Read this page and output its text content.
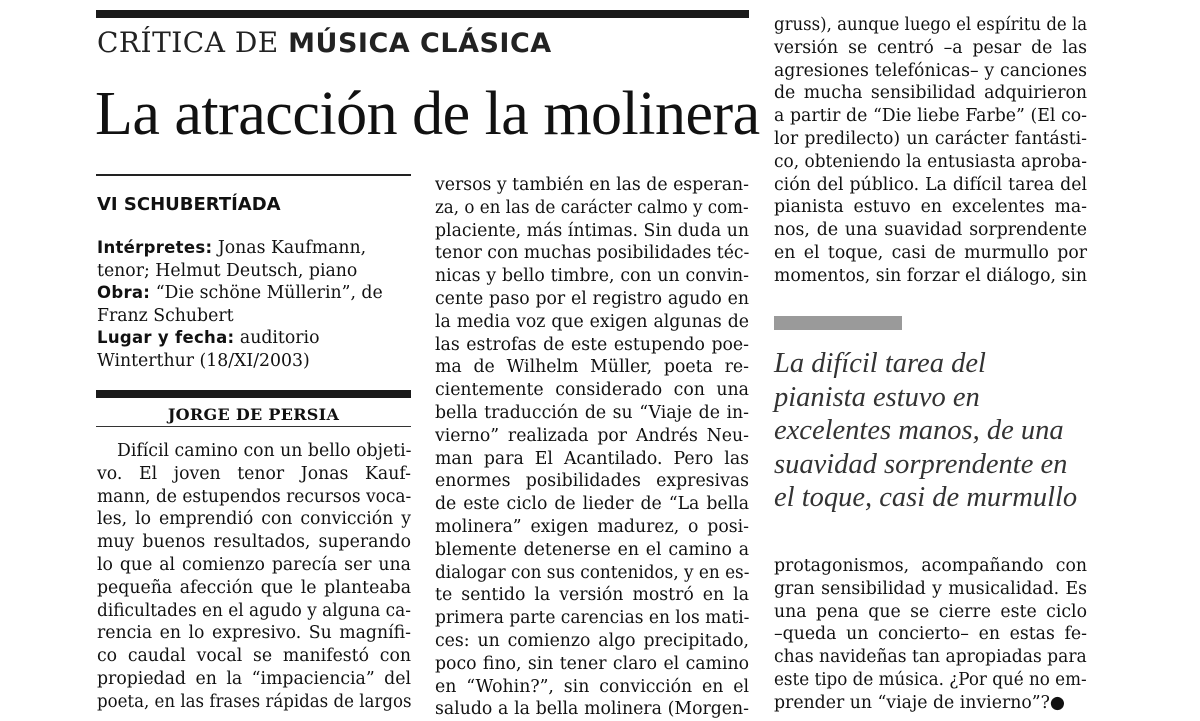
CRÍTICA DE MÚSICA CLÁSICA
La atracción de la molinera
VI SCHUBERTÍADA
Intérpretes: Jonas Kaufmann,
tenor; Helmut Deutsch, piano
Obra: “Die schöne Müllerin”, de
Franz Schubert
Lugar y fecha: auditorio
Winterthur (18/XI/2003)
JORGE DE PERSIA
Difícil camino con un bello objeti-
vo. El joven tenor Jonas Kauf-
mann, de estupendos recursos voca-
les, lo emprendió con convicción y
muy buenos resultados, superando
lo que al comienzo parecía ser una
pequeña afección que le planteaba
dificultades en el agudo y alguna ca-
rencia en lo expresivo. Su magnífi-
co caudal vocal se manifestó con
propiedad en la “impaciencia” del
poeta, en las frases rápidas de largos
versos y también en las de esperan-
za, o en las de carácter calmo y com-
placiente, más íntimas. Sin duda un
tenor con muchas posibilidades téc-
nicas y bello timbre, con un convin-
cente paso por el registro agudo en
la media voz que exigen algunas de
las estrofas de este estupendo poe-
ma de Wilhelm Müller, poeta re-
cientemente considerado con una
bella traducción de su “Viaje de in-
vierno” realizada por Andrés Neu-
man para El Acantilado. Pero las
enormes posibilidades expresivas
de este ciclo de lieder de “La bella
molinera” exigen madurez, o posi-
blemente detenerse en el camino a
dialogar con sus contenidos, y en es-
te sentido la versión mostró en la
primera parte carencias en los mati-
ces: un comienzo algo precipitado,
poco fino, sin tener claro el camino
en “Wohin?”, sin convicción en el
saludo a la bella molinera (Morgen-
gruss), aunque luego el espíritu de la
versión se centró –a pesar de las
agresiones telefónicas– y canciones
de mucha sensibilidad adquirieron
a partir de “Die liebe Farbe” (El co-
lor predilecto) un carácter fantásti-
co, obteniendo la entusiasta aproba-
ción del público. La difícil tarea del
pianista estuvo en excelentes ma-
nos, de una suavidad sorprendente
en el toque, casi de murmullo por
momentos, sin forzar el diálogo, sin
La difícil tarea del
pianista estuvo en
excelentes manos, de una
suavidad sorprendente en
el toque, casi de murmullo
protagonismos, acompañando con
gran sensibilidad y musicalidad. Es
una pena que se cierre este ciclo
–queda un concierto– en estas fe-
chas navideñas tan apropiadas para
este tipo de música. ¿Por qué no em-
prender un “viaje de invierno”?●
